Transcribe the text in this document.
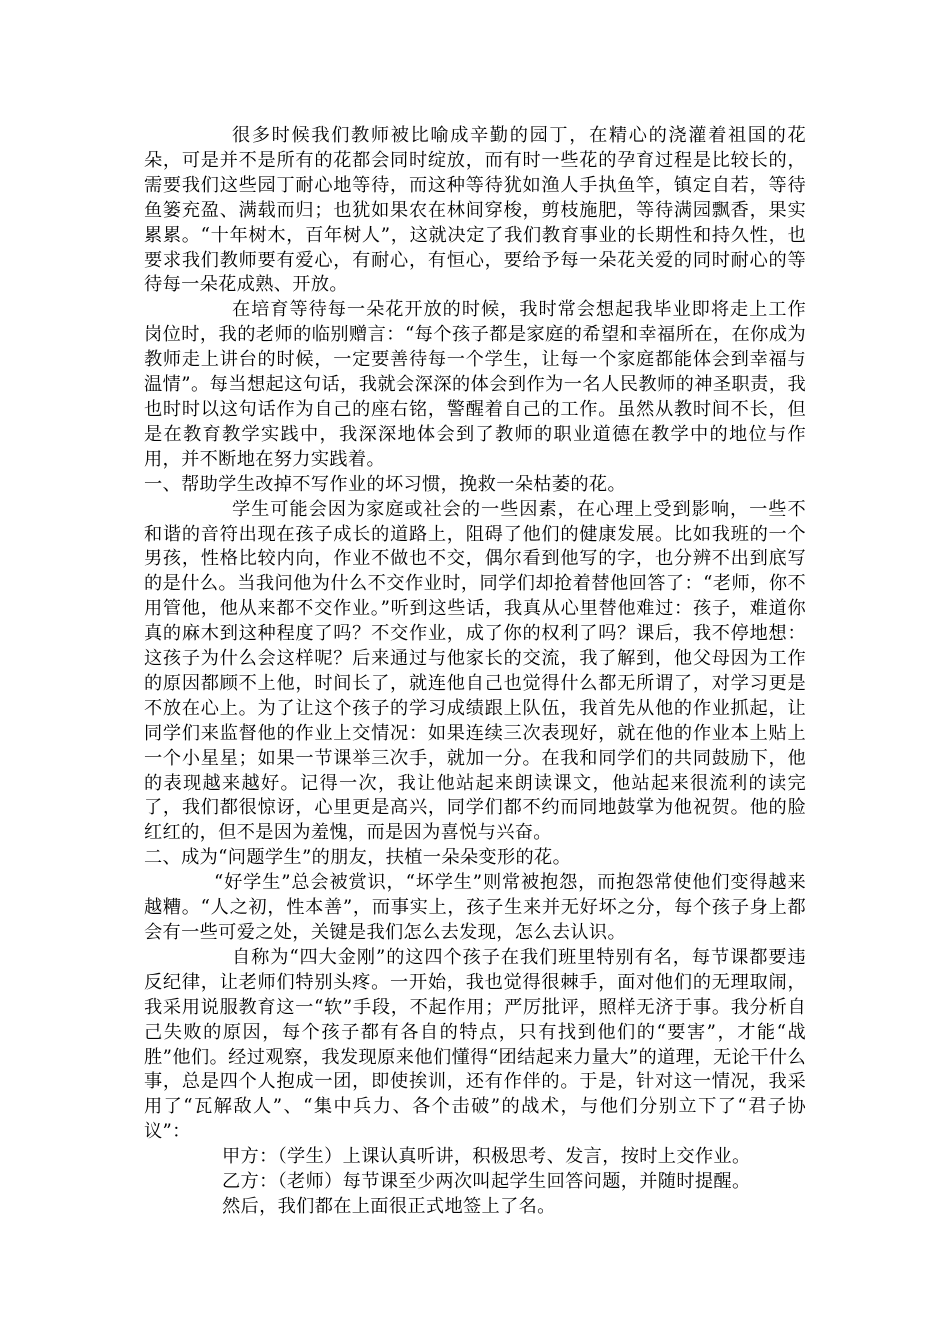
很多时候我们教师被比喻成辛勤的园丁，在精心的浇灌着祖国的花朵，可是并不是所有的花都会同时绽放，而有时一些花的孕育过程是比较长的，需要我们这些园丁耐心地等待，而这种等待犹如渔人手执鱼竿，镇定自若，等待鱼篓充盈、满载而归；也犹如果农在林间穿梭，剪枝施肥，等待满园飘香，果实累累。“十年树木，百年树人”，这就决定了我们教育事业的长期性和持久性，也要求我们教师要有爱心，有耐心，有恒心，要给予每一朵花关爱的同时耐心的等待每一朵花成熟、开放。

在培育等待每一朵花开放的时候，我时常会想起我毕业即将走上工作岗位时，我的老师的临别赠言：“每个孩子都是家庭的希望和幸福所在，在你成为教师走上讲台的时候，一定要善待每一个学生，让每一个家庭都能体会到幸福与温情”。每当想起这句话，我就会深深的体会到作为一名人民教师的神圣职责，我也时时以这句话作为自己的座右铭，警醒着自己的工作。虽然从教时间不长，但是在教育教学实践中，我深深地体会到了教师的职业道德在教学中的地位与作用，并不断地在努力实践着。

一、帮助学生改掉不写作业的坏习惯，挽救一朵枯萎的花。

学生可能会因为家庭或社会的一些因素，在心理上受到影响，一些不和谐的音符出现在孩子成长的道路上，阻碍了他们的健康发展。比如我班的一个男孩，性格比较内向，作业不做也不交，偶尔看到他写的字，也分辨不出到底写的是什么。当我问他为什么不交作业时，同学们却抢着替他回答了：“老师，你不用管他，他从来都不交作业。”听到这些话，我真从心里替他难过：孩子，难道你真的麻木到这种程度了吗？不交作业，成了你的权利了吗？课后，我不停地想：这孩子为什么会这样呢？后来通过与他家长的交流，我了解到，他父母因为工作的原因都顾不上他，时间长了，就连他自己也觉得什么都无所谓了，对学习更是不放在心上。为了让这个孩子的学习成绩跟上队伍，我首先从他的作业抓起，让同学们来监督他的作业上交情况：如果连续三次表现好，就在他的作业本上贴上一个小星星；如果一节课举三次手，就加一分。在我和同学们的共同鼓励下，他的表现越来越好。记得一次，我让他站起来朗读课文，他站起来很流利的读完了，我们都很惊讶，心里更是高兴，同学们都不约而同地鼓掌为他祝贺。他的脸红红的，但不是因为羞愧，而是因为喜悦与兴奋。

二、成为“问题学生”的朋友，扶植一朵朵变形的花。

“好学生”总会被赏识，“坏学生”则常被抱怨，而抱怨常使他们变得越来越糟。“人之初，性本善”，而事实上，孩子生来并无好坏之分，每个孩子身上都会有一些可爱之处，关键是我们怎么去发现，怎么去认识。

自称为“四大金刚”的这四个孩子在我们班里特别有名，每节课都要违反纪律，让老师们特别头疼。一开始，我也觉得很棘手，面对他们的无理取闹，我采用说服教育这一“软”手段，不起作用；严厉批评，照样无济于事。我分析自己失败的原因，每个孩子都有各自的特点，只有找到他们的“要害”，才能“战胜”他们。经过观察，我发现原来他们懂得“团结起来力量大”的道理，无论干什么事，总是四个人抱成一团，即使挨训，还有作伴的。于是，针对这一情况，我采用了“瓦解敌人”、“集中兵力、各个击破”的战术，与他们分别立下了“君子协议”：

甲方：（学生）上课认真听讲，积极思考、发言，按时上交作业。

乙方：（老师）每节课至少两次叫起学生回答问题，并随时提醒。

然后，我们都在上面很正式地签上了名。
